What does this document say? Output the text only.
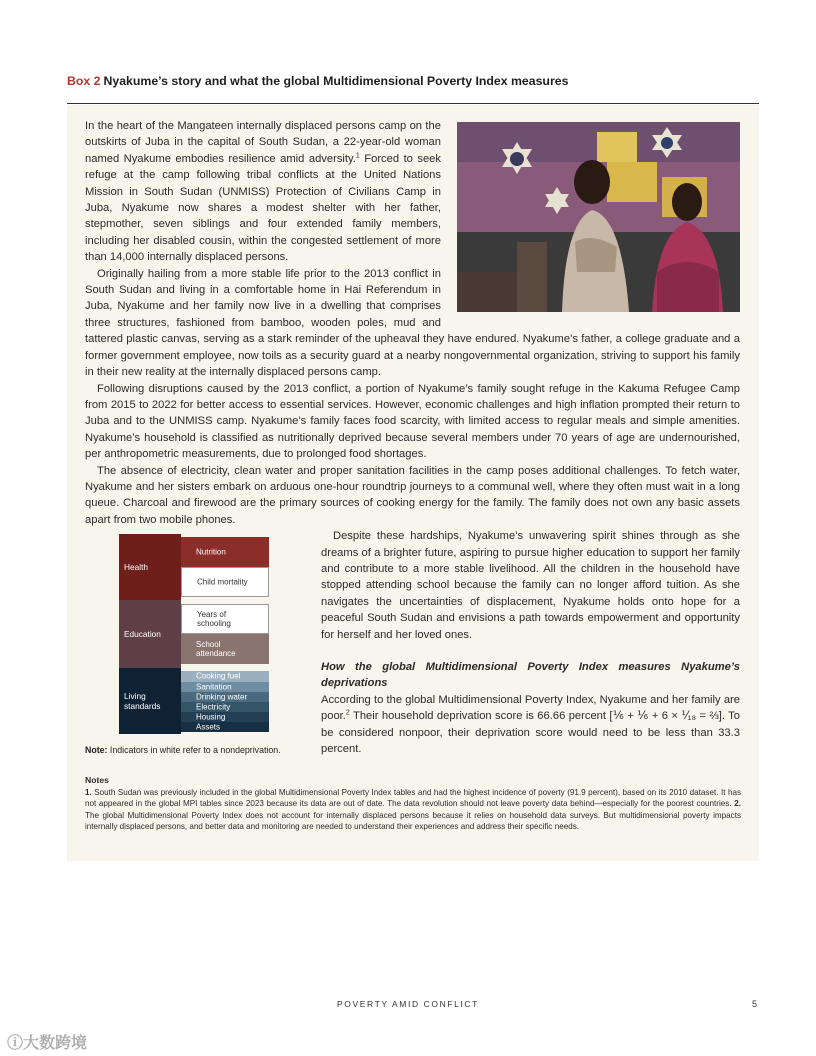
Box 2 Nyakume’s story and what the global Multidimensional Poverty Index measures

In the heart of the Mangateen internally displaced persons camp on the outskirts of Juba in the capital of South Sudan, a 22-year-old woman named Nyakume embodies resilience amid adversity.$^1$ Forced to seek refuge at the camp following tribal conflicts at the United Nations Mission in South Sudan (UNMISS) Protection of Civilians Camp in Juba, Nyakume now shares a modest shelter with her father, stepmother, seven siblings and four extended family members, including her disabled cousin, within the congested settlement of more than 14,000 internally displaced persons.

Originally hailing from a more stable life prior to the 2013 conflict in South Sudan and living in a comfortable home in Hai Referendum in Juba, Nyakume and her family now live in a dwelling that comprises three structures, fashioned from bamboo, wooden poles, mud and tattered plastic canvas, serving as a stark reminder of the upheaval they have endured. Nyakume’s father, a college graduate and a former government employee, now toils as a security guard at a nearby nongovernmental organization, striving to support his family in their new reality at the internally displaced persons camp.

Following disruptions caused by the 2013 conflict, a portion of Nyakume’s family sought refuge in the Kakuma Refugee Camp from 2015 to 2022 for better access to essential services. However, economic challenges and high inflation prompted their return to Juba and to the UNMISS camp. Nyakume’s family faces food scarcity, with limited access to regular meals and simple amenities. Nyakume’s household is classified as nutritionally deprived because several members under 70 years of age are undernourished, per anthropometric measurements, due to prolonged food shortages.

The absence of electricity, clean water and proper sanitation facilities in the camp poses additional challenges. To fetch water, Nyakume and her sisters embark on arduous one-hour roundtrip journeys to a communal well, where they often must wait in a long queue. Charcoal and firewood are the primary sources of cooking energy for the family. The family does not own any basic assets apart from two mobile phones.

Despite these hardships, Nyakume’s unwavering spirit shines through as she dreams of a brighter future, aspiring to pursue higher education to support her family and contribute to a more stable livelihood. All the children in the household have stopped attending school because the family can no longer afford tuition. As she navigates the uncertainties of displacement, Nyakume holds onto hope for a peaceful South Sudan and envisions a path towards empowerment and opportunity for herself and her loved ones.

How the global Multidimensional Poverty Index measures Nyakume’s deprivations

According to the global Multidimensional Poverty Index, Nyakume and her family are poor.$^2$ Their household deprivation score is 66.66 percent [⅙ + ⅙ + 6 × ⅟₁₈ = ⅔]. To be considered nonpoor, their deprivation score would need to be less than 33.3 percent.

Health
Education
Living standards
Nutrition
Child mortality
Years of schooling
School attendance
Cooking fuel
Sanitation
Drinking water
Electricity
Housing
Assets
Note: Indicators in white refer to a nondeprivation.
Notes
1. South Sudan was previously included in the global Multidimensional Poverty Index tables and had the highest incidence of poverty (91.9 percent), based on its 2010 dataset. It has not appeared in the global MPI tables since 2023 because its data are out of date. The data revolution should not leave poverty data behind—especially for the poorest countries. 2. The global Multidimensional Poverty Index does not account for internally displaced persons because it relies on household data surveys. But multidimensional poverty impacts internally displaced persons, and better data and monitoring are needed to understand their experiences and address their specific needs.
POVERTY AMID CONFLICT	5
ⓘ大数跨境
